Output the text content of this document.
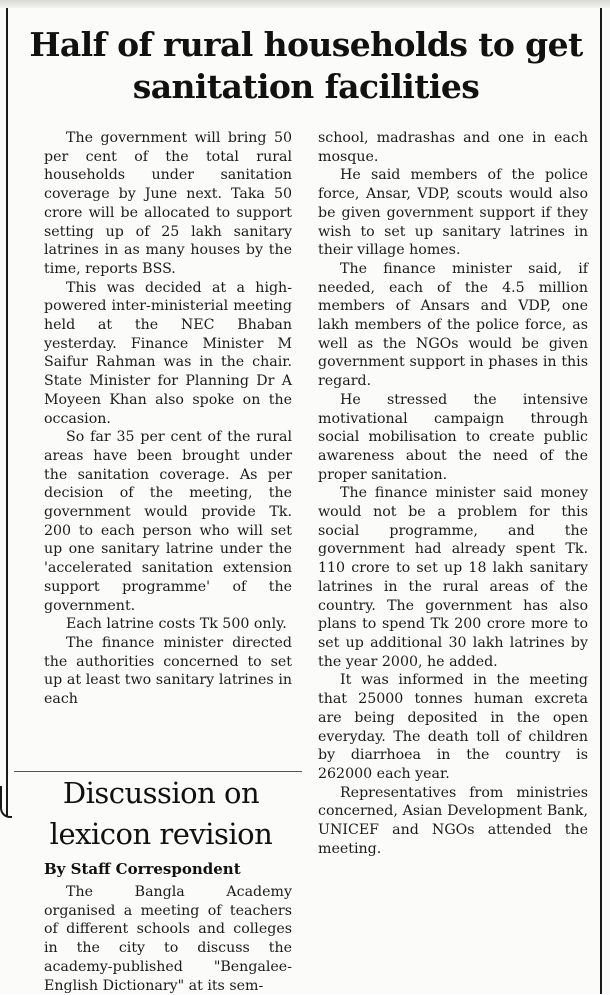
Half of rural households to get sanitation facilities

The government will bring 50 per cent of the total rural households under sanitation coverage by June next. Taka 50 crore will be allocated to support setting up of 25 lakh sanitary latrines in as many houses by the time, reports BSS.

This was decided at a high-powered inter-ministerial meeting held at the NEC Bhaban yesterday. Finance Minister M Saifur Rahman was in the chair. State Minister for Planning Dr A Moyeen Khan also spoke on the occasion.

So far 35 per cent of the rural areas have been brought under the sanitation coverage. As per decision of the meeting, the government would provide Tk. 200 to each person who will set up one sanitary latrine under the 'accelerated sanitation extension support programme' of the government.

Each latrine costs Tk 500 only.

The finance minister directed the authorities concerned to set up at least two sanitary latrines in each

school, madrashas and one in each mosque.

He said members of the police force, Ansar, VDP, scouts would also be given government support if they wish to set up sanitary latrines in their village homes.

The finance minister said, if needed, each of the 4.5 million members of Ansars and VDP, one lakh members of the police force, as well as the NGOs would be given government support in phases in this regard.

He stressed the intensive motivational campaign through social mobilisation to create public awareness about the need of the proper sanitation.

The finance minister said money would not be a problem for this social programme, and the government had already spent Tk. 110 crore to set up 18 lakh sanitary latrines in the rural areas of the country. The government has also plans to spend Tk 200 crore more to set up additional 30 lakh latrines by the year 2000, he added.

It was informed in the meeting that 25000 tonnes human excreta are being deposited in the open everyday. The death toll of children by diarrhoea in the country is 262000 each year.

Representatives from ministries concerned, Asian Development Bank, UNICEF and NGOs attended the meeting.

Discussion on lexicon revision
By Staff Correspondent

The Bangla Academy organised a meeting of teachers of different schools and colleges in the city to discuss the academy-published "Bengalee-English Dictionary" at its sem-
